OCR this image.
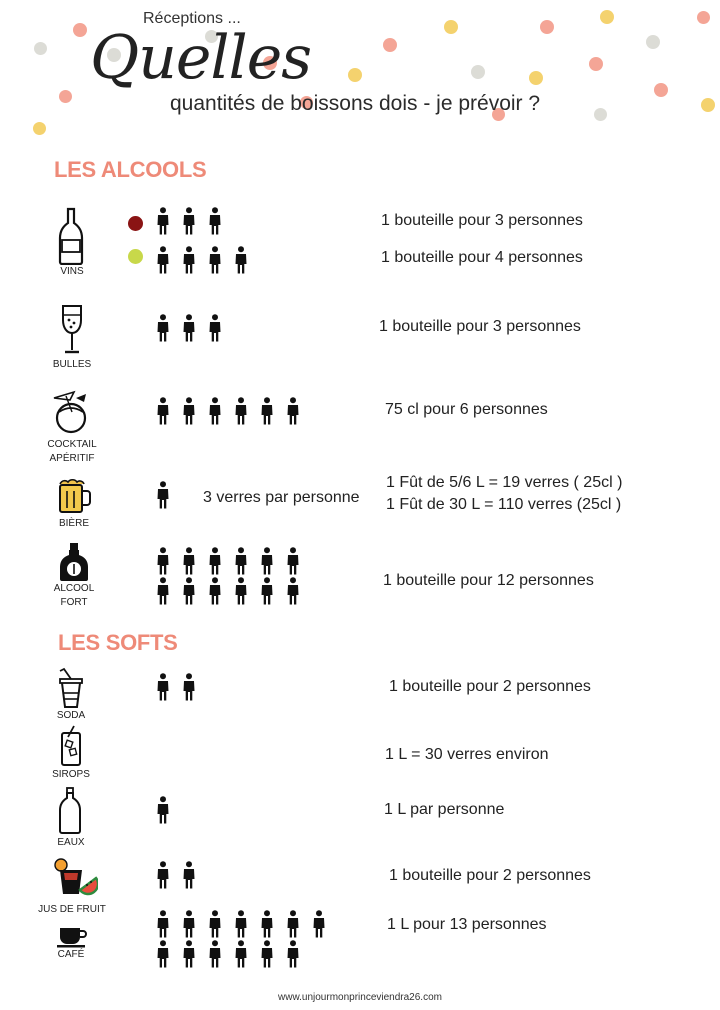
Réceptions ...
Quelles
quantités de boissons dois - je prévoir ?
LES ALCOOLS
VINS
1 bouteille pour 3 personnes
1 bouteille pour 4 personnes
BULLES
1 bouteille pour 3 personnes
COCKTAIL
APÉRITIF
75 cl pour 6 personnes
BIÈRE
3 verres par personne
1 Fût de 5/6 L = 19 verres ( 25cl )
1 Fût de 30 L = 110 verres (25cl )
ALCOOL
FORT
1 bouteille pour 12 personnes
LES SOFTS
SODA
1 bouteille pour 2 personnes
SIROPS
1 L = 30 verres environ
EAUX
1 L par personne
JUS DE FRUIT
1 bouteille pour 2 personnes
CAFÉ
1 L pour 13 personnes
www.unjourmonprinceviendra26.com
